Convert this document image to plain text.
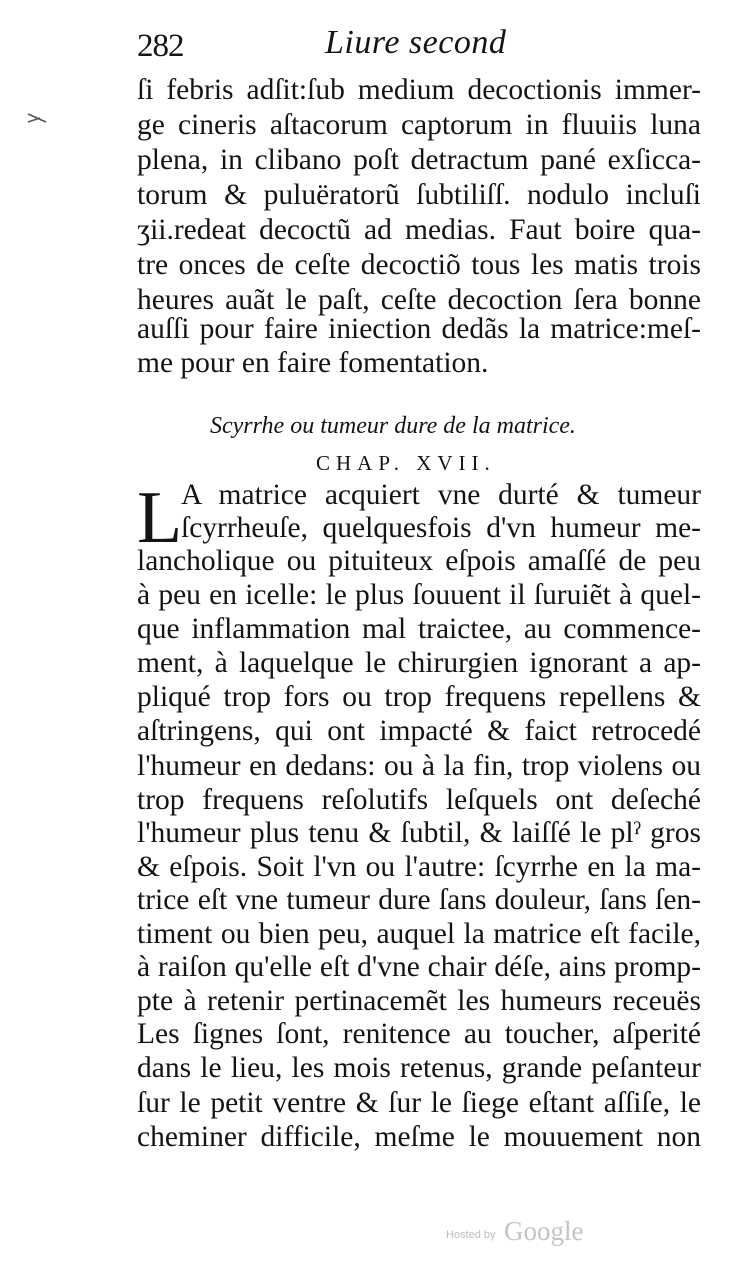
282	Liure second
ſi febris adſit:ſub medium decoctionis immer-
ge cineris aſtacorum captorum in fluuiis luna
plena, in clibano poſt detractum pané exſicca-
torum & puluëratorũ ſubtiliſſ. nodulo incluſi
ʒii.redeat decoctũ ad medias. Faut boire qua-
tre onces de ceſte decoctiõ tous les matis trois
heures auãt le paſt, ceſte decoction ſera bonne
auſſi pour faire iniection dedãs la matrice:meſ-
me pour en faire fomentation.
Scyrrhe ou tumeur dure de la matrice.
CHAP. XVII.
L
A matrice acquiert vne durté & tumeur
ſcyrrheuſe, quelquesfois d'vn humeur me-
lancholique ou pituiteux eſpois amaſſé de peu
à peu en icelle: le plus ſouuent il ſuruiẽt à quel-
que inflammation mal traictee, au commence-
ment, à laquelque le chirurgien ignorant a ap-
pliqué trop fors ou trop frequens repellens &
aſtringens, qui ont impacté & faict retrocedé
l'humeur en dedans: ou à la fin, trop violens ou
trop frequens reſolutifs leſquels ont deſeché
l'humeur plus tenu & ſubtil, & laiſſé le plˀ gros
& eſpois. Soit l'vn ou l'autre: ſcyrrhe en la ma-
trice eſt vne tumeur dure ſans douleur, ſans ſen-
timent ou bien peu, auquel la matrice eſt facile,
à raiſon qu'elle eſt d'vne chair déſe, ains promp-
pte à retenir pertinacemẽt les humeurs receuës
Les ſignes ſont, renitence au toucher, aſperité
dans le lieu, les mois retenus, grande peſanteur
ſur le petit ventre & ſur le ſiege eſtant aſſiſe, le
cheminer difficile, meſme le mouuement non
Hosted by Google
